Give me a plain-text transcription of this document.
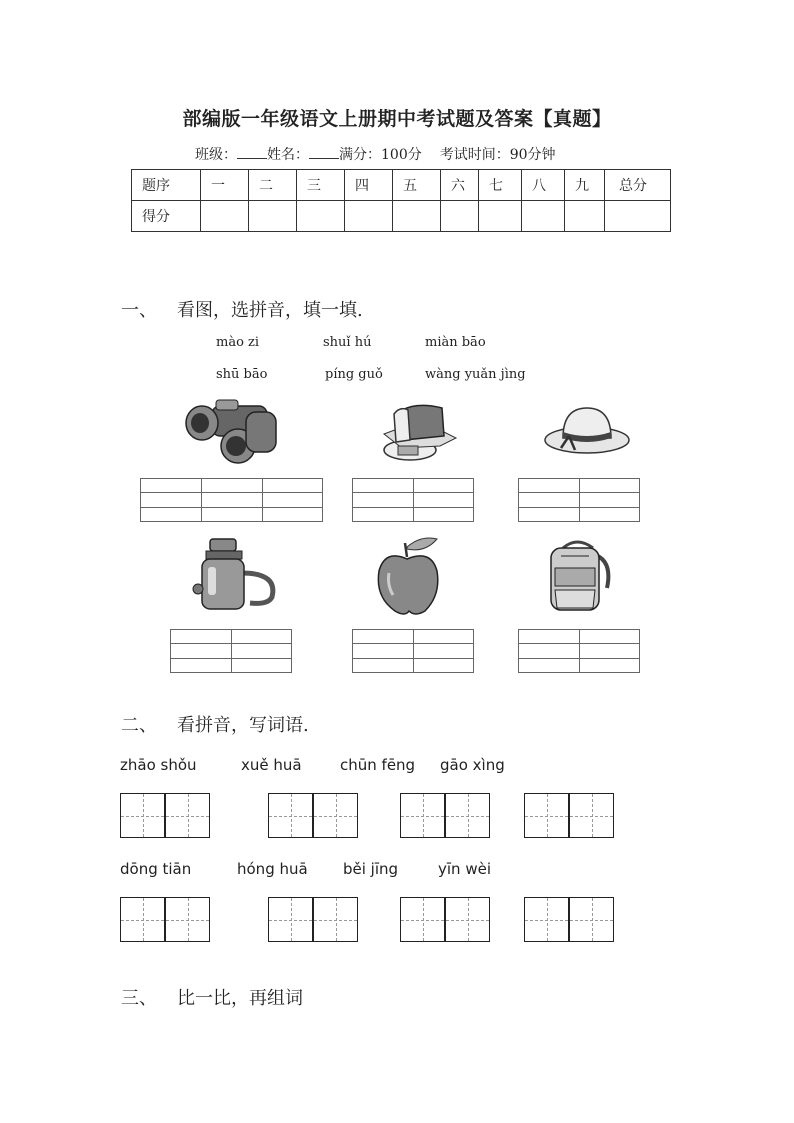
部编版一年级语文上册期中考试题及答案【真题】
班级： 姓名： 满分：100分 考试时间：90分钟
题序	一	二	三	四	五	六	七	八	九	总分
得分										
一、 看图，选拼音，填一填.
mào zi	shuǐ hú	miàn bāo
shū bāo	píng guǒ	wàng yuǎn jìng
二、 看拼音，写词语.
zhāo shǒu	xuě huā	chūn fēng gāo xìng
dōng tiān	hóng huā běi jīng	yīn wèi
三、 比一比，再组词
